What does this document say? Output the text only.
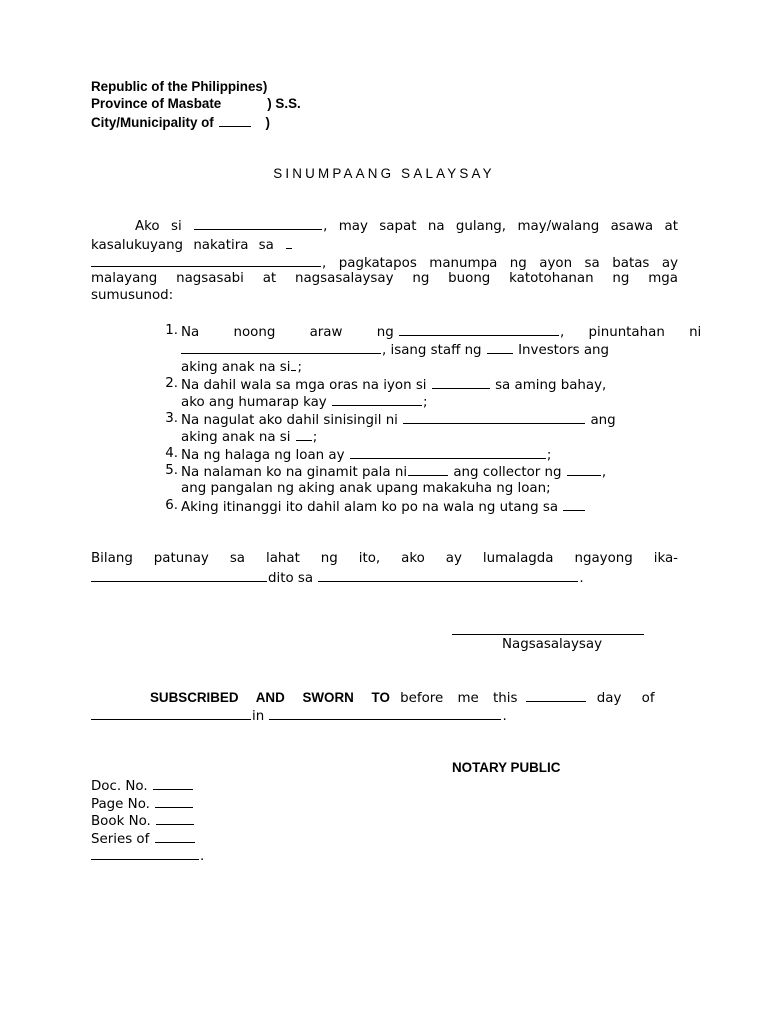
Republic of the Philippines)
Province of Masbate	) S.S.
City/Municipality of	)
SINUMPAANG SALAYSAY
Ako si	, may sapat na gulang, may/walang asawa at
kasalukuyang nakatira sa
, pagkatapos manumpa ng ayon sa batas ay
malayang nagsasabi at nagsasalaysay ng buong katotohanan ng mga
sumusunod:
1. Na noong araw ng	, pinuntahan ni
, isang staff ng	Investors ang
aking anak na si ;
2. Na dahil wala sa mga oras na iyon si	sa aming bahay,
ako ang humarap kay	;
3. Na nagulat ako dahil sinisingil ni	ang
aking anak na si ;
4. Na ng halaga ng loan ay	;
5. Na nalaman ko na ginamit pala ni	ang collector ng	,
ang pangalan ng aking anak upang makakuha ng loan;
6. Aking itinanggi ito dahil alam ko po na wala ng utang sa
Bilang patunay sa lahat ng ito, ako ay lumalagda ngayong ika-
dito sa	.
Nagsasalaysay
SUBSCRIBED AND SWORN TO before me this	day of
in	.
NOTARY PUBLIC
Doc. No.
Page No.
Book No.
Series of
.
